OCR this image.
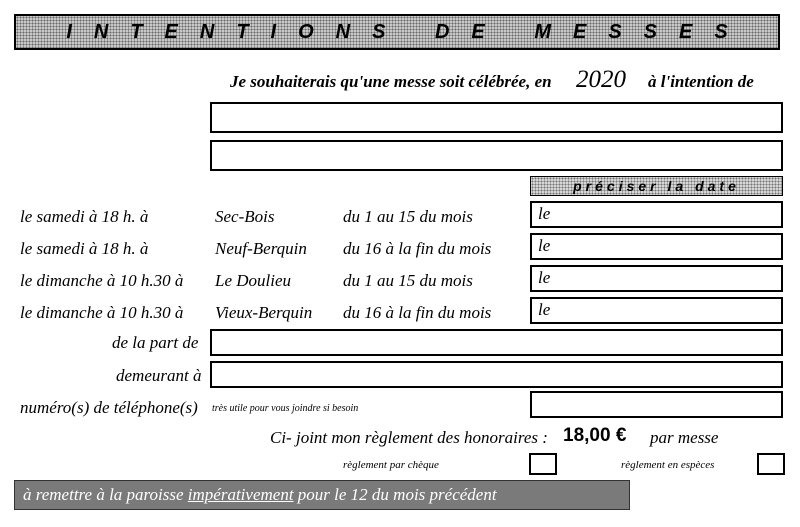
INTENTIONS DE MESSES
Je souhaiterais qu'une messe soit célébrée, en 2020 à l'intention de
préciser la date
le samedi à 18 h. à	Sec-Bois	du 1 au 15 du mois	le
le samedi à 18 h. à	Neuf-Berquin du 16 à la fin du mois	le
le dimanche à 10 h.30 à Le Doulieu	du 1 au 15 du mois	le
le dimanche à 10 h.30 à Vieux-Berquin du 16 à la fin du mois	le
de la part de
demeurant à
numéro(s) de téléphone(s) très utile pour vous joindre si besoin
Ci- joint mon règlement des honoraires : 18,00 € par messe
règlement par chèque	règlement en espèces
à remettre à la paroisse impérativement pour le 12 du mois précédent
